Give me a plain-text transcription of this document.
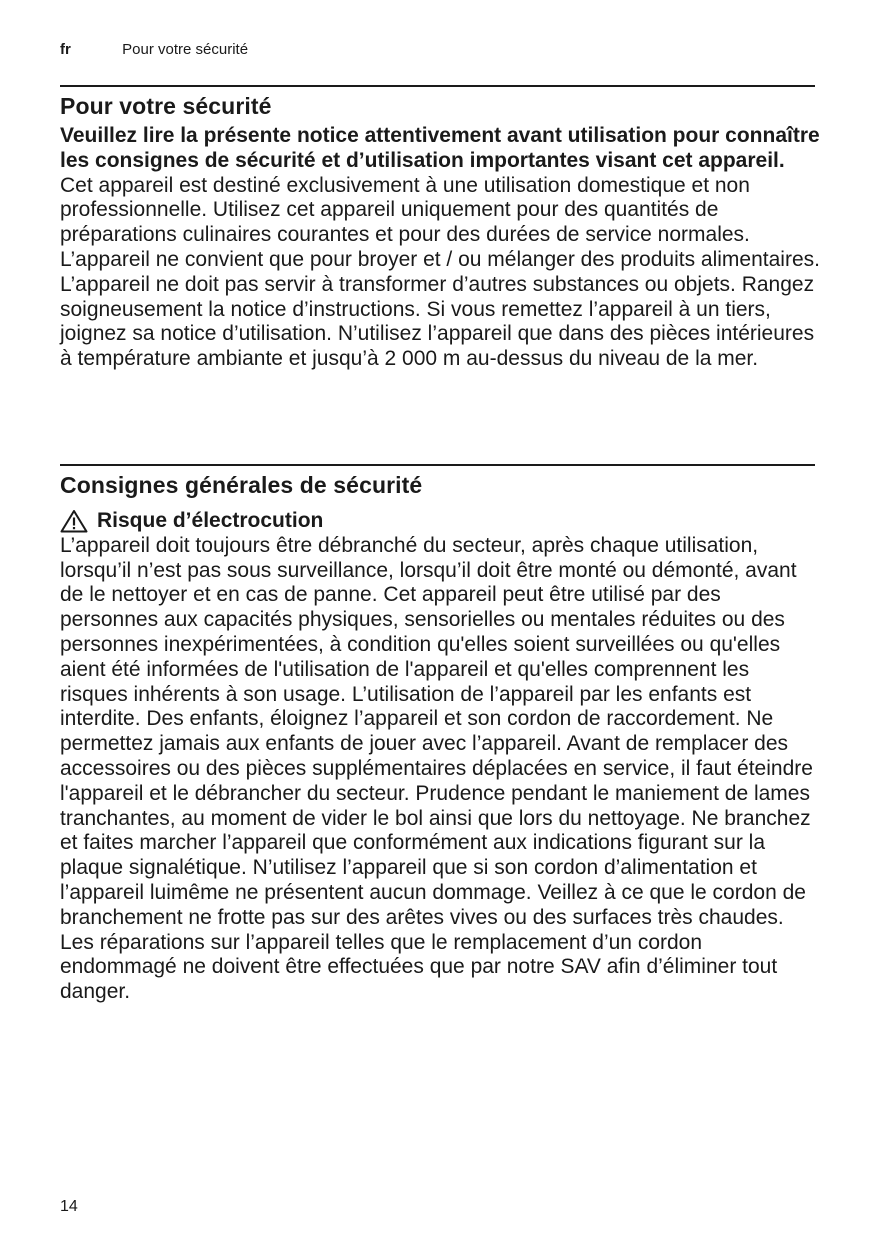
fr	Pour votre sécurité
Pour votre sécurité

Veuillez lire la présente notice attentivement avant utilisation pour connaître les consignes de sécurité et d’utilisation importantes visant cet appareil.

Cet appareil est destiné exclusivement à une utilisation domestique et non professionnelle. Utilisez cet appareil uniquement pour des quantités de préparations culinaires courantes et pour des durées de service normales. L’appareil ne convient que pour broyer et / ou mélanger des produits alimentaires. L’appareil ne doit pas servir à transformer d’autres substances ou objets. Rangez soigneusement la notice d’instructions. Si vous remettez l’appareil à un tiers, joignez sa notice d’utilisation. N’utilisez l’appareil que dans des pièces intérieures à température ambiante et jusqu’à 2 000 m au-dessus du niveau de la mer.

Consignes générales de sécurité

Risque d’électrocution

L’appareil doit toujours être débranché du secteur, après chaque utilisation, lorsqu’il n’est pas sous surveillance, lorsqu’il doit être monté ou démonté, avant de le nettoyer et en cas de panne. Cet appareil peut être utilisé par des personnes aux capacités physiques, sensorielles ou mentales réduites ou des personnes inexpérimentées, à condition qu'elles soient surveillées ou qu'elles aient été informées de l'utilisation de l'appareil et qu'elles comprennent les risques inhérents à son usage. L’utilisation de l’appareil par les enfants est interdite. Des enfants, éloignez l’appareil et son cordon de raccordement. Ne permettez jamais aux enfants de jouer avec l’appareil. Avant de remplacer des accessoires ou des pièces supplémentaires déplacées en service, il faut éteindre l'appareil et le débrancher du secteur. Prudence pendant le maniement de lames tranchantes, au moment de vider le bol ainsi que lors du nettoyage. Ne branchez et faites marcher l’appareil que conformément aux indications figurant sur la plaque signalétique. N’utilisez l’appareil que si son cordon d’alimentation et l’appareil luimême ne présentent aucun dommage. Veillez à ce que le cordon de branchement ne frotte pas sur des arêtes vives ou des surfaces très chaudes. Les réparations sur l’appareil telles que le remplacement d’un cordon endommagé ne doivent être effectuées que par notre SAV afin d’éliminer tout danger.

14
